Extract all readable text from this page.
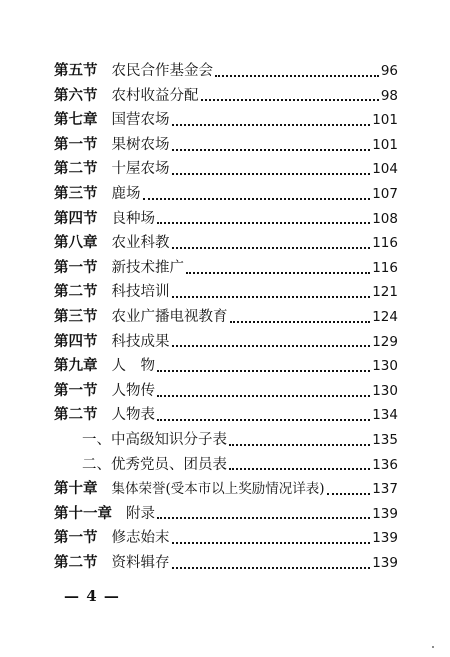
第五节 农民合作基金会	96
第六节 农村收益分配	98
第七章 国营农场	101
第一节 果树农场	101
第二节 十屋农场	104
第三节 鹿场	107
第四节 良种场	108
第八章 农业科教	116
第一节 新技术推广	116
第二节 科技培训	121
第三节 农业广播电视教育	124
第四节 科技成果	129
第九章 人　物	130
第一节 人物传	130
第二节 人物表	134
一、中高级知识分子表	135
二、优秀党员、团员表	136
第十章 集体荣誉(受本市以上奖励情况详表)	137
第十一章 附录	139
第一节 修志始末	139
第二节 资料辑存	139
— 4 —
